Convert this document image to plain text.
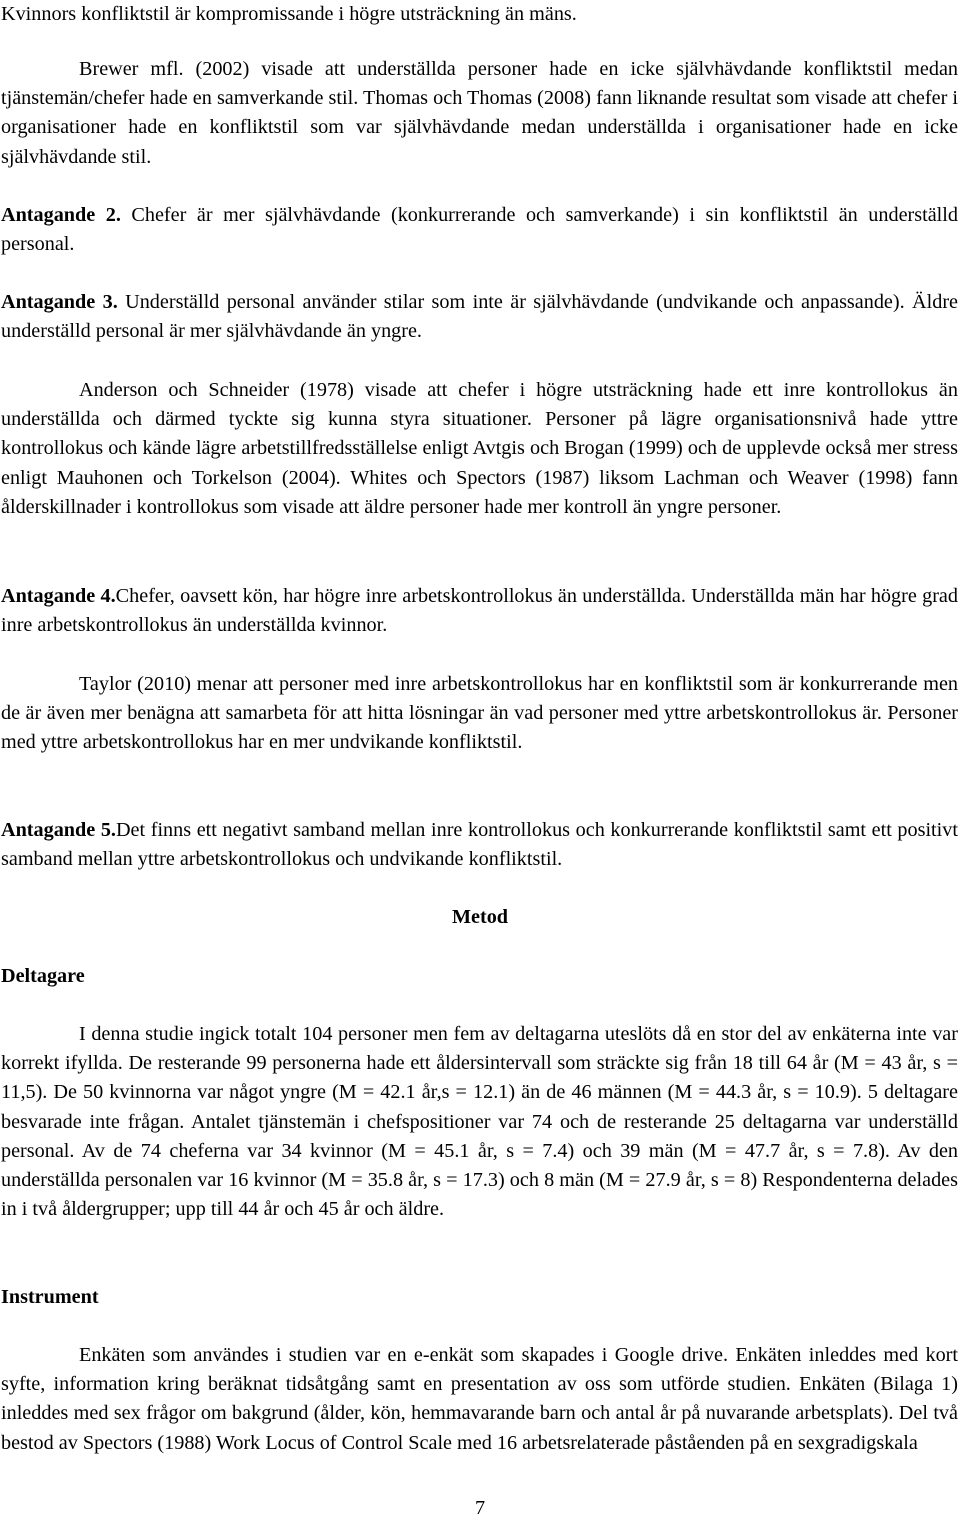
Kvinnors konfliktstil är kompromissande i högre utsträckning än mäns.

Brewer mfl. (2002) visade att underställda personer hade en icke självhävdande konfliktstil medan tjänstemän/chefer hade en samverkande stil. Thomas och Thomas (2008) fann liknande resultat som visade att chefer i organisationer hade en konfliktstil som var självhävdande medan underställda i organisationer hade en icke självhävdande stil.

Antagande 2. Chefer är mer självhävdande (konkurrerande och samverkande) i sin konfliktstil än underställd personal.

Antagande 3. Underställd personal använder stilar som inte är självhävdande (undvikande och anpassande). Äldre underställd personal är mer självhävdande än yngre.

Anderson och Schneider (1978) visade att chefer i högre utsträckning hade ett inre kontrollokus än underställda och därmed tyckte sig kunna styra situationer. Personer på lägre organisationsnivå hade yttre kontrollokus och kände lägre arbetstillfredsställelse enligt Avtgis och Brogan (1999) och de upplevde också mer stress enligt Mauhonen och Torkelson (2004). Whites och Spectors (1987) liksom Lachman och Weaver (1998) fann ålderskillnader i kontrollokus som visade att äldre personer hade mer kontroll än yngre personer.

Antagande 4.Chefer, oavsett kön, har högre inre arbetskontrollokus än underställda. Underställda män har högre grad inre arbetskontrollokus än underställda kvinnor.

Taylor (2010) menar att personer med inre arbetskontrollokus har en konfliktstil som är konkurrerande men de är även mer benägna att samarbeta för att hitta lösningar än vad personer med yttre arbetskontrollokus är. Personer med yttre arbetskontrollokus har en mer undvikande konfliktstil.

Antagande 5.Det finns ett negativt samband mellan inre kontrollokus och konkurrerande konfliktstil samt ett positivt samband mellan yttre arbetskontrollokus och undvikande konfliktstil.

Metod

Deltagare

I denna studie ingick totalt 104 personer men fem av deltagarna uteslöts då en stor del av enkäterna inte var korrekt ifyllda. De resterande 99 personerna hade ett åldersintervall som sträckte sig från 18 till 64 år (M = 43 år, s = 11,5). De 50 kvinnorna var något yngre (M = 42.1 år,s = 12.1) än de 46 männen (M = 44.3 år, s = 10.9). 5 deltagare besvarade inte frågan. Antalet tjänstemän i chefspositioner var 74 och de resterande 25 deltagarna var underställd personal. Av de 74 cheferna var 34 kvinnor (M = 45.1 år, s = 7.4) och 39 män (M = 47.7 år, s = 7.8). Av den underställda personalen var 16 kvinnor (M = 35.8 år, s = 17.3) och 8 män (M = 27.9 år, s = 8) Respondenterna delades in i två åldergrupper; upp till 44 år och 45 år och äldre.

Instrument

Enkäten som användes i studien var en e-enkät som skapades i Google drive. Enkäten inleddes med kort syfte, information kring beräknat tidsåtgång samt en presentation av oss som utförde studien. Enkäten (Bilaga 1) inleddes med sex frågor om bakgrund (ålder, kön, hemmavarande barn och antal år på nuvarande arbetsplats). Del två bestod av Spectors (1988) Work Locus of Control Scale med 16 arbetsrelaterade påståenden på en sexgradigskala

7
